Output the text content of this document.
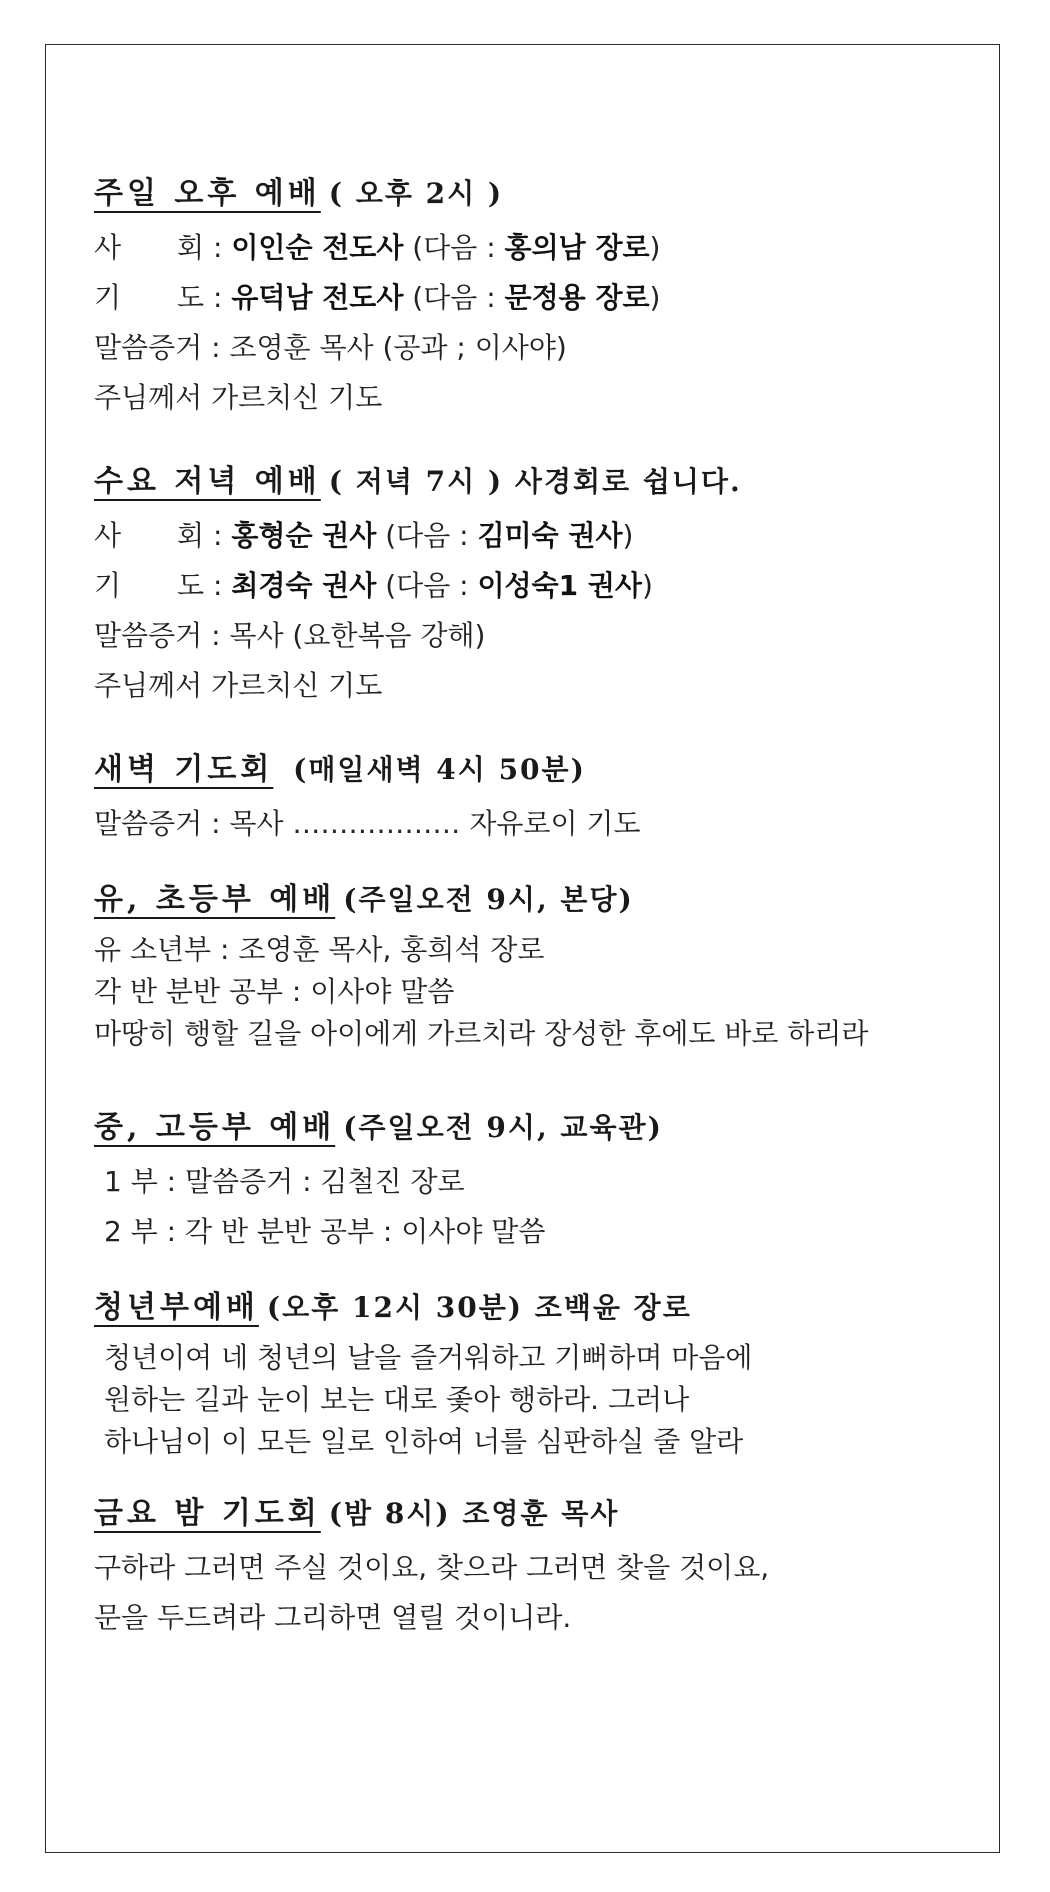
주일 오후 예배 ( 오후 2시 )
사　　회 : 이인순 전도사 (다음 : 홍의남 장로)
기　　도 : 유덕남 전도사 (다음 : 문정용 장로)
말씀증거 : 조영훈 목사 (공과 ; 이사야)
주님께서 가르치신 기도
수요 저녁 예배 ( 저녁 7시 ) 사경회로 쉽니다.
사　　회 : 홍형순 권사 (다음 : 김미숙 권사)
기　　도 : 최경숙 권사 (다음 : 이성숙1 권사)
말씀증거 : 목사 (요한복음 강해)
주님께서 가르치신 기도
새벽 기도회 (매일새벽 4시 50분)
말씀증거 : 목사 ……………… 자유로이 기도
유, 초등부 예배 (주일오전 9시, 본당)
유 소년부 : 조영훈 목사, 홍희석 장로
각 반 분반 공부 : 이사야 말씀
마땅히 행할 길을 아이에게 가르치라 장성한 후에도 바로 하리라
중, 고등부 예배 (주일오전 9시, 교육관)
1 부 : 말씀증거 : 김철진 장로
2 부 : 각 반 분반 공부 : 이사야 말씀
청년부예배 (오후 12시 30분) 조백윤 장로
청년이여 네 청년의 날을 즐거워하고 기뻐하며 마음에
원하는 길과 눈이 보는 대로 좇아 행하라. 그러나
하나님이 이 모든 일로 인하여 너를 심판하실 줄 알라
금요 밤 기도회 (밤 8시) 조영훈 목사
구하라 그러면 주실 것이요, 찾으라 그러면 찾을 것이요,
문을 두드려라 그리하면 열릴 것이니라.
